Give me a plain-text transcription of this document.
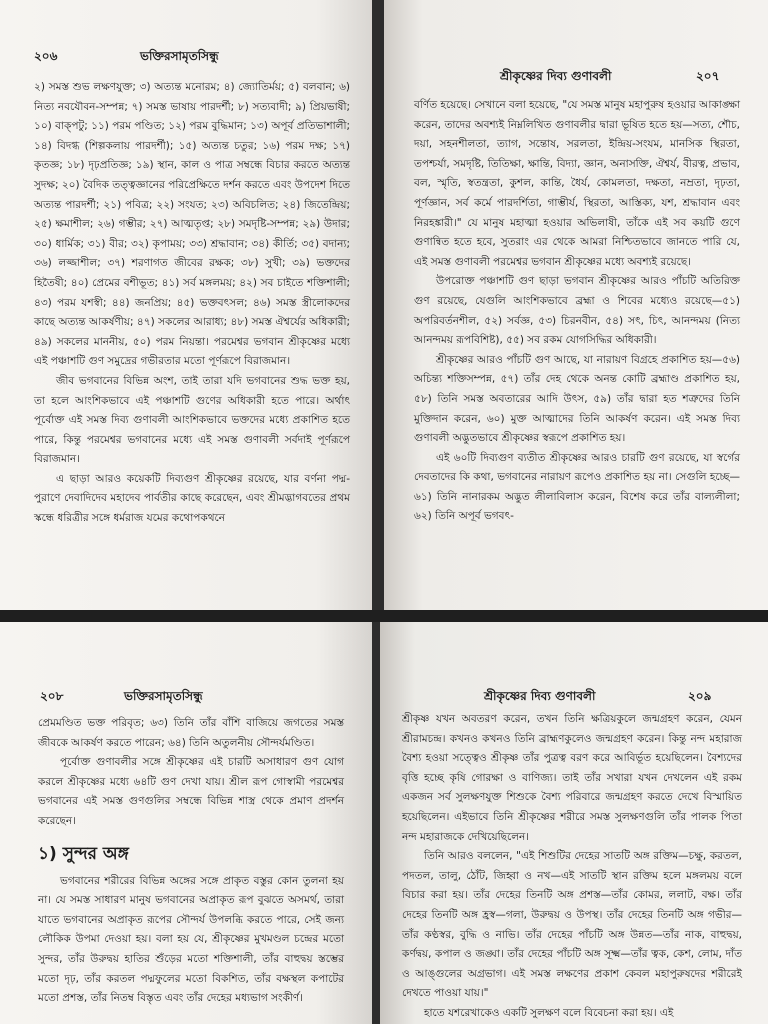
২০৬	ভক্তিরসামৃতসিন্ধু

২) সমস্ত শুভ লক্ষণযুক্ত; ৩) অত্যন্ত মনোরম; ৪) জ্যোতির্ময়; ৫) বলবান; ৬) নিত্য নবযৌবন-সম্পন্ন; ৭) সমস্ত ভাষায় পারদর্শী; ৮) সত্যবাদী; ৯) প্রিয়ভাষী; ১০) বাক্‌পটু; ১১) পরম পণ্ডিত; ১২) পরম বুদ্ধিমান; ১৩) অপূর্ব প্রতিভাশালী; ১৪) বিদগ্ধ (শিল্পকলায় পারদর্শী); ১৫) অত্যন্ত চতুর; ১৬) পরম দক্ষ; ১৭) কৃতজ্ঞ; ১৮) দৃঢ়প্রতিজ্ঞ; ১৯) স্থান, কাল ও পাত্র সম্বন্ধে বিচার করতে অত্যন্ত সুদক্ষ; ২০) বৈদিক তত্ত্বজ্ঞানের পরিপ্রেক্ষিতে দর্শন করতে এবং উপদেশ দিতে অত্যন্ত পারদর্শী; ২১) পবিত্র; ২২) সংযত; ২৩) অবিচলিত; ২৪) জিতেন্দ্রিয়; ২৫) ক্ষমাশীল; ২৬) গম্ভীর; ২৭) আত্মতৃপ্ত; ২৮) সমদৃষ্টি-সম্পন্ন; ২৯) উদার; ৩০) ধার্মিক; ৩১) বীর; ৩২) কৃপাময়; ৩৩) শ্রদ্ধাবান; ৩৪) কীর্তি; ৩৫) বদান্য; ৩৬) লজ্জাশীল; ৩৭) শরণাগত জীবের রক্ষক; ৩৮) সুখী; ৩৯) ভক্তদের হিতৈষী; ৪০) প্রেমের বশীভূত; ৪১) সর্ব মঙ্গলময়; ৪২) সব চাইতে শক্তিশালী; ৪৩) পরম যশস্বী; ৪৪) জনপ্রিয়; ৪৫) ভক্তবৎসল; ৪৬) সমস্ত স্ত্রীলোকদের কাছে অত্যন্ত আকর্ষণীয়; ৪৭) সকলের আরাধ্য; ৪৮) সমস্ত ঐশ্বর্যের অধিকারী; ৪৯) সকলের মাননীয়, ৫০) পরম নিয়ন্তা। পরমেশ্বর ভগবান শ্রীকৃষ্ণের মধ্যে এই পঞ্চাশটি গুণ সমুদ্রের গভীরতার মতো পূর্ণরূপে বিরাজমান।

জীব ভগবানের বিভিন্ন অংশ, তাই তারা যদি ভগবানের শুদ্ধ ভক্ত হয়, তা হলে আংশিকভাবে এই পঞ্চাশটি গুণের অধিকারী হতে পারে। অর্থাৎ পূর্বোক্ত এই সমস্ত দিব্য গুণাবলী আংশিকভাবে ভক্তদের মধ্যে প্রকাশিত হতে পারে, কিন্তু পরমেশ্বর ভগবানের মধ্যে এই সমস্ত গুণাবলী সর্বদাই পূর্ণরূপে বিরাজমান।

এ ছাড়া আরও কয়েকটি দিব্যগুণ শ্রীকৃষ্ণের রয়েছে, যার বর্ণনা পদ্ম-পুরাণে দেবাদিদেব মহাদেব পার্বতীর কাছে করেছেন, এবং শ্রীমদ্ভাগবতের প্রথম স্কন্ধে ধরিত্রীর সঙ্গে ধর্মরাজ যমের কথোপকথনে

শ্রীকৃষ্ণের দিব্য গুণাবলী	২০৭

বর্ণিত হয়েছে। সেখানে বলা হয়েছে, "যে সমস্ত মানুষ মহাপুরুষ হওয়ার আকাঙ্ক্ষা করেন, তাদের অবশ্যই নিম্নলিখিত গুণাবলীর দ্বারা ভূষিত হতে হয়—সত্য, শৌচ, দয়া, সহনশীলতা, ত্যাগ, সন্তোষ, সরলতা, ইন্দ্রিয়-সংযম, মানসিক স্থিরতা, তপশ্চর্যা, সমদৃষ্টি, তিতিক্ষা, ক্ষান্তি, বিদ্যা, জ্ঞান, অনাসক্তি, ঐশ্বর্য, বীরত্ব, প্রভাব, বল, স্মৃতি, স্বতন্ত্রতা, কুশল, কান্তি, ধৈর্য, কোমলতা, দক্ষতা, নম্রতা, দৃঢ়তা, পূর্ণজ্ঞান, সর্ব কর্মে পারদর্শিতা, গাম্ভীর্য, স্থিরতা, আস্তিক্য, যশ, শ্রদ্ধাবান এবং নিরহঙ্কারী।" যে মানুষ মহাত্মা হওয়ার অভিলাষী, তাঁকে এই সব কয়টি গুণে গুণান্বিত হতে হবে, সুতরাং এর থেকে আমরা নিশ্চিতভাবে জানতে পারি যে, এই সমস্ত গুণাবলী পরমেশ্বর ভগবান শ্রীকৃষ্ণের মধ্যে অবশ্যই রয়েছে।

উপরোক্ত পঞ্চাশটি গুণ ছাড়া ভগবান শ্রীকৃষ্ণের আরও পাঁচটি অতিরিক্ত গুণ রয়েছে, যেগুলি আংশিকভাবে ব্রহ্মা ও শিবের মধ্যেও রয়েছে—৫১) অপরিবর্তনশীল, ৫২) সর্বজ্ঞ, ৫৩) চিরনবীন, ৫৪) সৎ, চিৎ, আনন্দময় (নিত্য আনন্দময় রূপবিশিষ্ট), ৫৫) সব রকম যোগসিদ্ধির অধিকারী।

শ্রীকৃষ্ণের আরও পাঁচটি গুণ আছে, যা নারায়ণ বিগ্রহে প্রকাশিত হয়—৫৬) অচিন্ত্য শক্তিসম্পন্ন, ৫৭) তাঁর দেহ থেকে অনন্ত কোটি ব্রহ্মাণ্ড প্রকাশিত হয়, ৫৮) তিনি সমস্ত অবতারের আদি উৎস, ৫৯) তাঁর দ্বারা হত শত্রুদের তিনি মুক্তিদান করেন, ৬০) মুক্ত আত্মাদের তিনি আকর্ষণ করেন। এই সমস্ত দিব্য গুণাবলী অদ্ভুতভাবে শ্রীকৃষ্ণের স্বরূপে প্রকাশিত হয়।

এই ৬০টি দিব্যগুণ ব্যতীত শ্রীকৃষ্ণের আরও চারটি গুণ রয়েছে, যা স্বর্গের দেবতাদের কি কথা, ভগবানের নারায়ণ রূপেও প্রকাশিত হয় না। সেগুলি হচ্ছে—৬১) তিনি নানারকম অদ্ভুত লীলাবিলাস করেন, বিশেষ করে তাঁর বাল্যলীলা; ৬২) তিনি অপূর্ব ভগবৎ-

২০৮	ভক্তিরসামৃতসিন্ধু

প্রেমমণ্ডিত ভক্ত পরিবৃত; ৬৩) তিনি তাঁর বাঁশি বাজিয়ে জগতের সমস্ত জীবকে আকর্ষণ করতে পারেন; ৬৪) তিনি অতুলনীয় সৌন্দর্যমণ্ডিত।

পূর্বোক্ত গুণাবলীর সঙ্গে শ্রীকৃষ্ণের এই চারটি অসাধারণ গুণ যোগ করলে শ্রীকৃষ্ণের মধ্যে ৬৪টি গুণ দেখা যায়। শ্রীল রূপ গোস্বামী পরমেশ্বর ভগবানের এই সমস্ত গুণগুলির সম্বন্ধে বিভিন্ন শাস্ত্র থেকে প্রমাণ প্রদর্শন করেছেন।

১) সুন্দর অঙ্গ

ভগবানের শরীরের বিভিন্ন অঙ্গের সঙ্গে প্রাকৃত বস্তুর কোন তুলনা হয় না। যে সমস্ত সাধারণ মানুষ ভগবানের অপ্রাকৃত রূপ বুঝতে অসমর্থ, তারা যাতে ভগবানের অপ্রাকৃত রূপের সৌন্দর্য উপলব্ধি করতে পারে, সেই জন্য লৌকিক উপমা দেওয়া হয়। বলা হয় যে, শ্রীকৃষ্ণের মুখমণ্ডল চন্দ্রের মতো সুন্দর, তাঁর উরুদ্বয় হাতির শুঁড়ের মতো শক্তিশালী, তাঁর বাহুদ্বয় স্তম্ভের মতো দৃঢ়, তাঁর করতল পদ্মফুলের মতো বিকশিত, তাঁর বক্ষস্থল কপাটের মতো প্রশস্ত, তাঁর নিতম্ব বিস্তৃত এবং তাঁর দেহের মধ্যভাগ সংকীর্ণ।

শ্রীকৃষ্ণের দিব্য গুণাবলী	২০৯

শ্রীকৃষ্ণ যখন অবতরণ করেন, তখন তিনি ক্ষত্রিয়কুলে জন্মগ্রহণ করেন, যেমন শ্রীরামচন্দ্র। কখনও কখনও তিনি ব্রাহ্মণকুলেও জন্মগ্রহণ করেন। কিন্তু নন্দ মহারাজ বৈশ্য হওয়া সত্ত্বেও শ্রীকৃষ্ণ তাঁর পুত্রত্ব বরণ করে আবির্ভূত হয়েছিলেন। বৈশ্যদের বৃত্তি হচ্ছে কৃষি গোরক্ষা ও বাণিজ্য। তাই তাঁর সখারা যখন দেখলেন এই রকম একজন সর্ব সুলক্ষণযুক্ত শিশুকে বৈশ্য পরিবারে জন্মগ্রহণ করতে দেখে বিস্মায়িত হয়েছিলেন। এইভাবে তিনি শ্রীকৃষ্ণের শরীরে সমস্ত সুলক্ষণগুলি তাঁর পালক পিতা নন্দ মহারাজকে দেখিয়েছিলেন।

তিনি আরও বললেন, "এই শিশুটির দেহের সাতটি অঙ্গ রক্তিম—চক্ষু, করতল, পদতল, তালু, ঠোঁট, জিহ্বা ও নখ—এই সাতটি স্থান রক্তিম হলে মঙ্গলময় বলে বিচার করা হয়। তাঁর দেহের তিনটি অঙ্গ প্রশস্ত—তাঁর কোমর, ললাট, বক্ষ। তাঁর দেহের তিনটি অঙ্গ হ্রস্ব—গলা, উরুদ্বয় ও উপস্থ। তাঁর দেহের তিনটি অঙ্গ গভীর—তাঁর কণ্ঠস্বর, বুদ্ধি ও নাভি। তাঁর দেহের পাঁচটি অঙ্গ উন্নত—তাঁর নাক, বাহুদ্বয়, কর্ণদ্বয়, কপাল ও জঙ্ঘা। তাঁর দেহের পাঁচটি অঙ্গ সূক্ষ্ম—তাঁর ত্বক, কেশ, লোম, দাঁত ও আঙ্গুলের অগ্রভাগ। এই সমস্ত লক্ষণের প্রকাশ কেবল মহাপুরুষদের শরীরেই দেখতে পাওয়া যায়।"

হাতে যশরেখাকেও একটি সুলক্ষণ বলে বিবেচনা করা হয়। এই
